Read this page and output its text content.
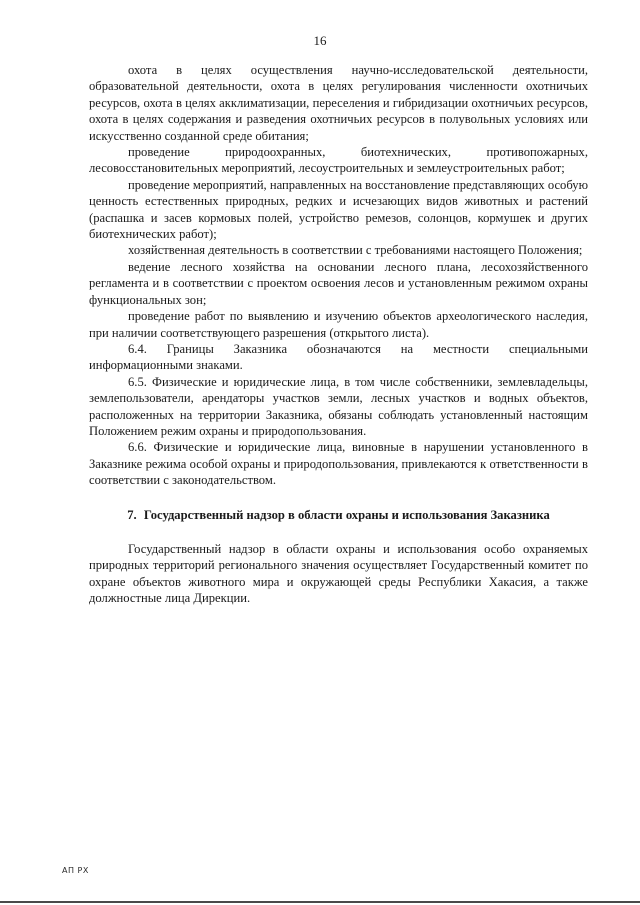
16

охота в целях осуществления научно-исследовательской деятельности, образовательной деятельности, охота в целях регулирования численности охотничьих ресурсов, охота в целях акклиматизации, переселения и гибридизации охотничьих ресурсов, охота в целях содержания и разведения охотничьих ресурсов в полувольных условиях или искусственно созданной среде обитания;

проведение природоохранных, биотехнических, противопожарных, лесовосстановительных мероприятий, лесоустроительных и землеустроительных работ;

проведение мероприятий, направленных на восстановление представляющих особую ценность естественных природных, редких и исчезающих видов животных и растений (распашка и засев кормовых полей, устройство ремезов, солонцов, кормушек и других биотехнических работ);

хозяйственная деятельность в соответствии с требованиями настоящего Положения;

ведение лесного хозяйства на основании лесного плана, лесохозяйственного регламента и в соответствии с проектом освоения лесов и установленным режимом охраны функциональных зон;

проведение работ по выявлению и изучению объектов археологического наследия, при наличии соответствующего разрешения (открытого листа).

6.4. Границы Заказника обозначаются на местности специальными информационными знаками.

6.5. Физические и юридические лица, в том числе собственники, землевладельцы, землепользователи, арендаторы участков земли, лесных участков и водных объектов, расположенных на территории Заказника, обязаны соблюдать установленный настоящим Положением режим охраны и природопользования.

6.6. Физические и юридические лица, виновные в нарушении установленного в Заказнике режима особой охраны и природопользования, привлекаются к ответственности в соответствии с законодательством.

7. Государственный надзор в области охраны и использования Заказника

Государственный надзор в области охраны и использования особо охраняемых природных территорий регионального значения осуществляет Государственный комитет по охране объектов животного мира и окружающей среды Республики Хакасия, а также должностные лица Дирекции.

АП РХ
